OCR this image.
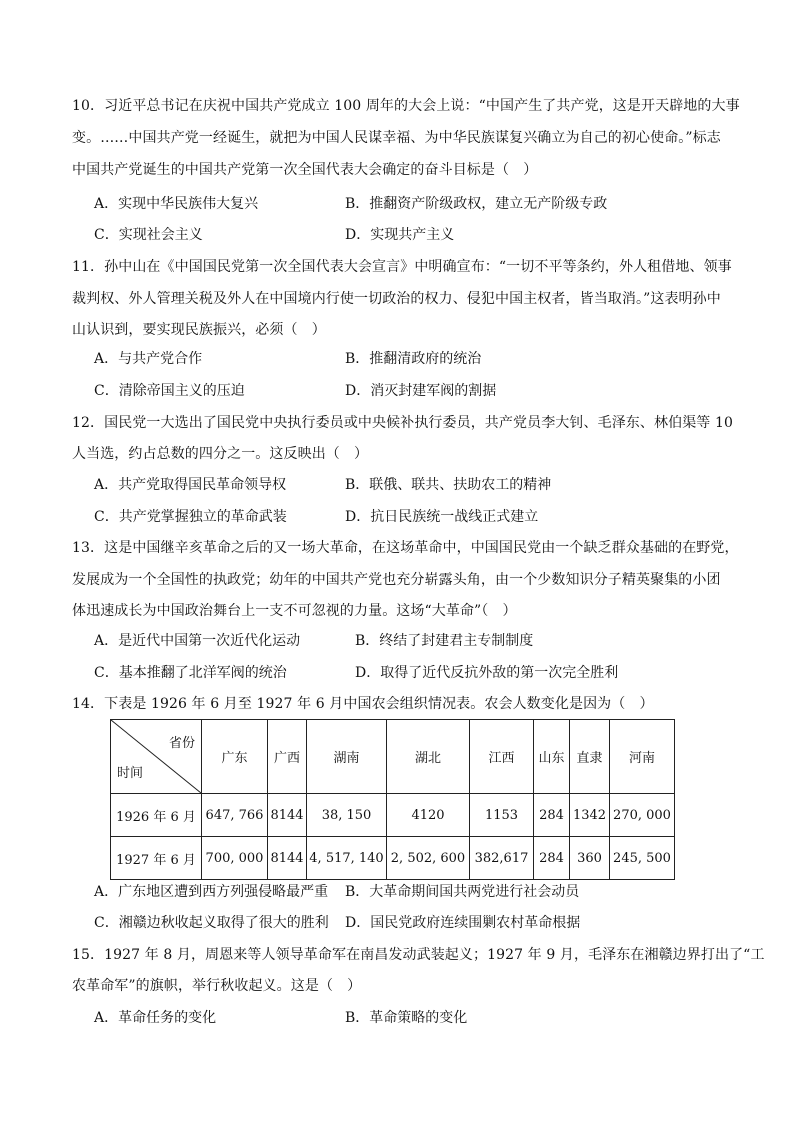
10．习近平总书记在庆祝中国共产党成立 100 周年的大会上说：“中国产生了共产党，这是开天辟地的大事
变。……中国共产党一经诞生，就把为中国人民谋幸福、为中华民族谋复兴确立为自己的初心使命。”标志
中国共产党诞生的中国共产党第一次全国代表大会确定的奋斗目标是（　）
A．实现中华民族伟大复兴	B．推翻资产阶级政权，建立无产阶级专政
C．实现社会主义	D．实现共产主义
11．孙中山在《中国国民党第一次全国代表大会宣言》中明确宣布：“一切不平等条约，外人租借地、领事
裁判权、外人管理关税及外人在中国境内行使一切政治的权力、侵犯中国主权者，皆当取消。”这表明孙中
山认识到，要实现民族振兴，必须（　）
A．与共产党合作	B．推翻清政府的统治
C．清除帝国主义的压迫	D．消灭封建军阀的割据
12．国民党一大选出了国民党中央执行委员或中央候补执行委员，共产党员李大钊、毛泽东、林伯渠等 10
人当选，约占总数的四分之一。这反映出（　）
A．共产党取得国民革命领导权	B．联俄、联共、扶助农工的精神
C．共产党掌握独立的革命武装	D．抗日民族统一战线正式建立
13．这是中国继辛亥革命之后的又一场大革命，在这场革命中，中国国民党由一个缺乏群众基础的在野党，
发展成为一个全国性的执政党；幼年的中国共产党也充分崭露头角，由一个少数知识分子精英聚集的小团
体迅速成长为中国政治舞台上一支不可忽视的力量。这场“大革命”（　）
A．是近代中国第一次近代化运动	B．终结了封建君主专制制度
C．基本推翻了北洋军阀的统治	D．取得了近代反抗外敌的第一次完全胜利
14．下表是 1926 年 6 月至 1927 年 6 月中国农会组织情况表。农会人数变化是因为（　）
省份
时间	广东	广西	湖南	湖北	江西	山东	直隶	河南
1926 年 6 月	647, 766	8144	38, 150	4120	1153	284	1342	270, 000
1927 年 6 月	700, 000	8144	4, 517, 140	2, 502, 600	382,617	284	360	245, 500
A．广东地区遭到西方列强侵略最严重 B．大革命期间国共两党进行社会动员
C．湘赣边秋收起义取得了很大的胜利 D．国民党政府连续围剿农村革命根据
15．1927 年 8 月，周恩来等人领导革命军在南昌发动武装起义；1927 年 9 月，毛泽东在湘赣边界打出了“工
农革命军”的旗帜，举行秋收起义。这是（　）
A．革命任务的变化	B．革命策略的变化
